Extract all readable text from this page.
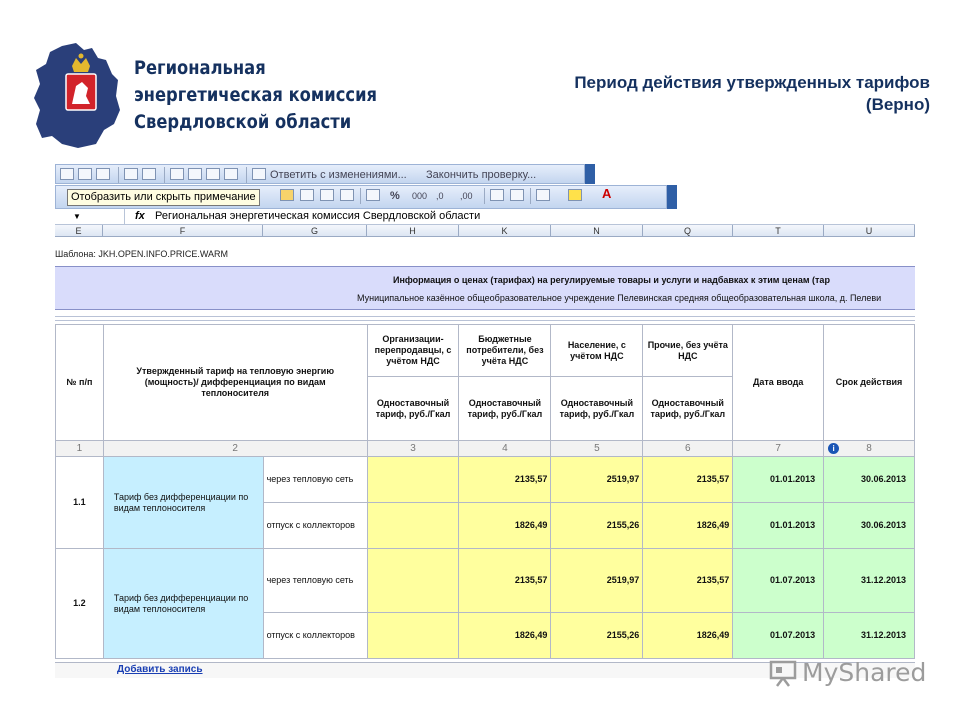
Региональная
энергетическая комиссия
Свердловской области
Период действия утвержденных тарифов
(Верно)
Ответить с изменениями... Закончить проверку...
% 000 ,0 ,00	A
Отобразить или скрыть примечание
▼	fx Региональная энергетическая комиссия Свердловской области
E	F	G	H	K	N	Q	T	U
Шаблона: JKH.OPEN.INFO.PRICE.WARM
Информация о ценах (тарифах) на регулируемые товары и услуги и надбавках к этим ценам (тар
Муниципальное казённое общеобразовательное учреждение Пелевинская средняя общеобразовательная школа, д. Пелеви
№ п/п	Утвержденный тариф на тепловую энергию (мощность)/ дифференциация по видам теплоносителя		Организации-перепродавцы, с учётом НДС	Бюджетные потребители, без учёта НДС	Население, с учётом НДС	Прочие, без учёта НДС	Дата ввода	Срок действия
			Одноставочный тариф, руб./Гкал	Одноставочный тариф, руб./Гкал	Одноставочный тариф, руб./Гкал	Одноставочный тариф, руб./Гкал		
1	2		3	4	5	6	7	i 8
1.1	Тариф без дифференциации по видам теплоносителя	через тепловую сеть		2135,57	2519,97	2135,57	01.01.2013	30.06.2013
		отпуск с коллекторов		1826,49	2155,26	1826,49	01.01.2013	30.06.2013
1.2	Тариф без дифференциации по видам теплоносителя	через тепловую сеть		2135,57	2519,97	2135,57	01.07.2013	31.12.2013
		отпуск с коллекторов		1826,49	2155,26	1826,49	01.07.2013	31.12.2013
Добавить запись	MyShared
